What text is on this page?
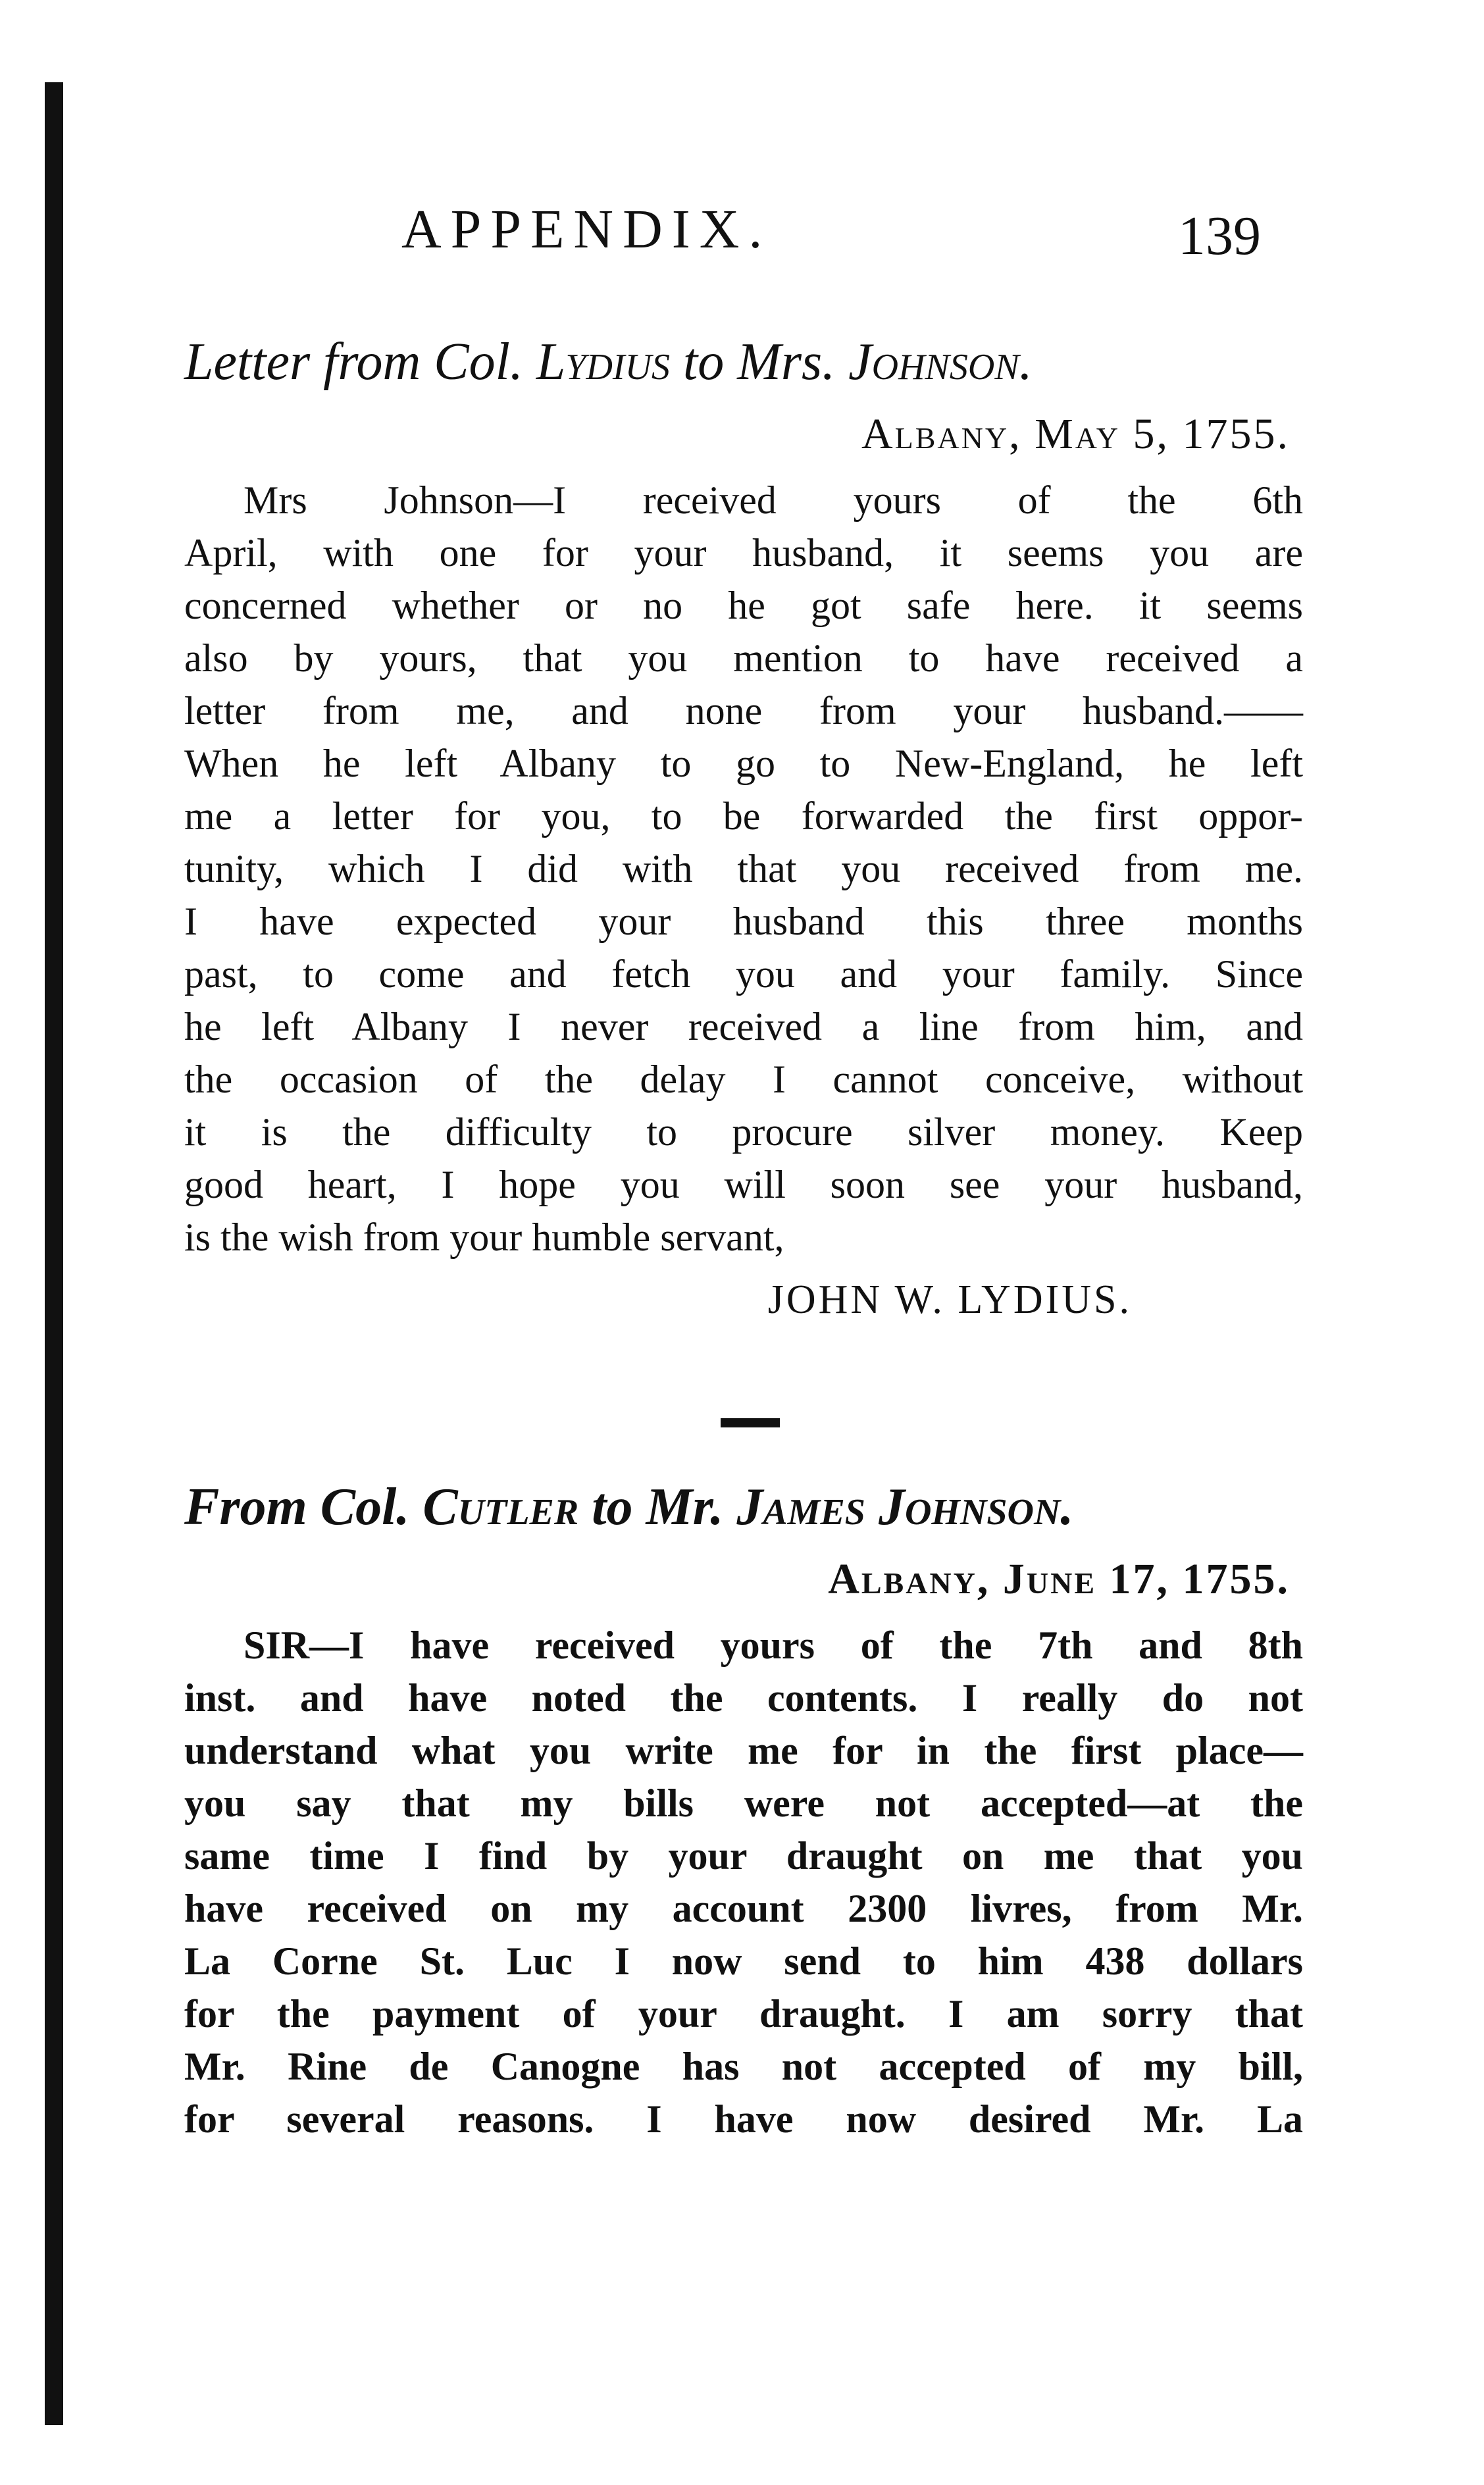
APPENDIX.	139
Letter from Col. Lydius to Mrs. Johnson.
Albany, May 5, 1755.
Mrs Johnson—I received yours of the 6th
April, with one for your husband, it seems you are
concerned whether or no he got safe here. it seems
also by yours, that you mention to have received a
letter from me, and none from your husband.——
When he left Albany to go to New-England, he left
me a letter for you, to be forwarded the first oppor-
tunity, which I did with that you received from me.
I have expected your husband this three months
past, to come and fetch you and your family. Since
he left Albany I never received a line from him, and
the occasion of the delay I cannot conceive, without
it is the difficulty to procure silver money. Keep
good heart, I hope you will soon see your husband,
is the wish from your humble servant,
JOHN W. LYDIUS.
From Col. Cutler to Mr. James Johnson.
Albany, June 17, 1755.
SIR—I have received yours of the 7th and 8th
inst. and have noted the contents. I really do not
understand what you write me for in the first place—
you say that my bills were not accepted—at the
same time I find by your draught on me that you
have received on my account 2300 livres, from Mr.
La Corne St. Luc I now send to him 438 dollars
for the payment of your draught. I am sorry that
Mr. Rine de Canogne has not accepted of my bill,
for several reasons. I have now desired Mr. La
